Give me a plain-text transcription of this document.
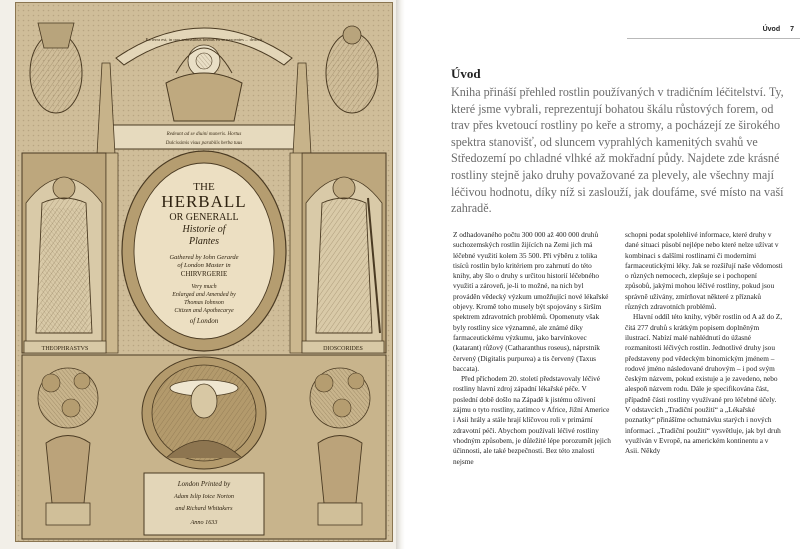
Ea terra est, in quo animalibus herbas ex se nascentes ... dederit
Redeunt ad se diuini muneris. Hortus
Dulcissimis visus parabilis herba tuus
THE
HERBALL
OR GENERALL
Historie of
Plantes
Gathered by Iohn Gerarde
of London Master in
CHIRVRGERIE
Very much
Enlarged and Amended by
Thomas Iohnson
Citizen and Apothecarye
of London
THEOPHRASTVS	DIOSCORIDES
London Printed by
Adam Islip Ioice Norton
and Richard Whitakers
Anno 1633
Úvod 7
Úvod

Kniha přináší přehled rostlin používaných v tradičním léčitelství. Ty, které jsme vybrali, reprezentují bohatou škálu růstových forem, od trav přes kvetoucí rostliny po keře a stromy, a pocházejí ze širokého spektra stanovišť, od sluncem vyprahlých kamenitých svahů ve Středozemí po chladné vlhké až mokřadní půdy. Najdete zde krásné rostliny stejně jako druhy považované za plevely, ale všechny mají léčivou hodnotu, díky níž si zaslouží, jak doufáme, své místo na vaší zahradě.

Z odhadovaného počtu 300 000 až 400 000 druhů suchozemských rostlin žijících na Zemi jich má léčebné využití kolem 35 500. Při výběru z tolika tisíců rostlin bylo kritériem pro zahrnutí do této knihy, aby šlo o druhy s určitou historií léčebného využití a zároveň, je-li to možné, na nich byl prováděn vědecký výzkum umožňující nové lékařské objevy. Kromě toho musely být spojovány s širším spektrem zdravotních problémů. Opomenuty však byly rostliny sice významné, ale známé díky farmaceutickému výzkumu, jako barvínkovec (katarant) růžový (Catharanthus roseus), náprstník červený (Digitalis purpurea) a tis červený (Taxus baccata).

Před příchodem 20. století představovaly léčivé rostliny hlavní zdroj západní lékařské péče. V poslední době došlo na Západě k jistému oživení zájmu o tyto rostliny, zatímco v Africe, Jižní Americe i Asii hrály a stále hrají klíčovou roli v primární zdravotní péči. Abychom používali léčivé rostliny vhodným způsobem, je důležité lépe porozumět jejich účinnosti, ale také bezpečnosti. Bez této znalosti nejsme

schopni podat spolehlivé informace, které druhy v dané situaci působí nejlépe nebo které nelze užívat v kombinaci s dalšími rostlinami či moderními farmaceutickými léky. Jak se rozšiřují naše vědomosti o různých nemocech, zlepšuje se i pochopení způsobů, jakými mohou léčivé rostliny, pokud jsou správně užívány, zmírňovat některé z příznaků různých zdravotních problémů.

Hlavní oddíl této knihy, výběr rostlin od A až do Z, čítá 277 druhů s krátkým popisem doplněným ilustrací. Nabízí malé nahlédnutí do úžasné rozmanitosti léčivých rostlin. Jednotlivé druhy jsou představeny pod vědeckým binomickým jménem – rodové jméno následované druhovým – i pod svým českým názvem, pokud existuje a je zavedeno, nebo alespoň názvem rodu. Dále je specifikována část, případně části rostliny využívané pro léčebné účely. V odstavcích „Tradiční použití“ a „Lékařské poznatky“ přinášíme ochutnávku starých i nových informací. „Tradiční použití“ vysvětluje, jak byl druh využíván v Evropě, na americkém kontinentu a v Asii. Někdy
